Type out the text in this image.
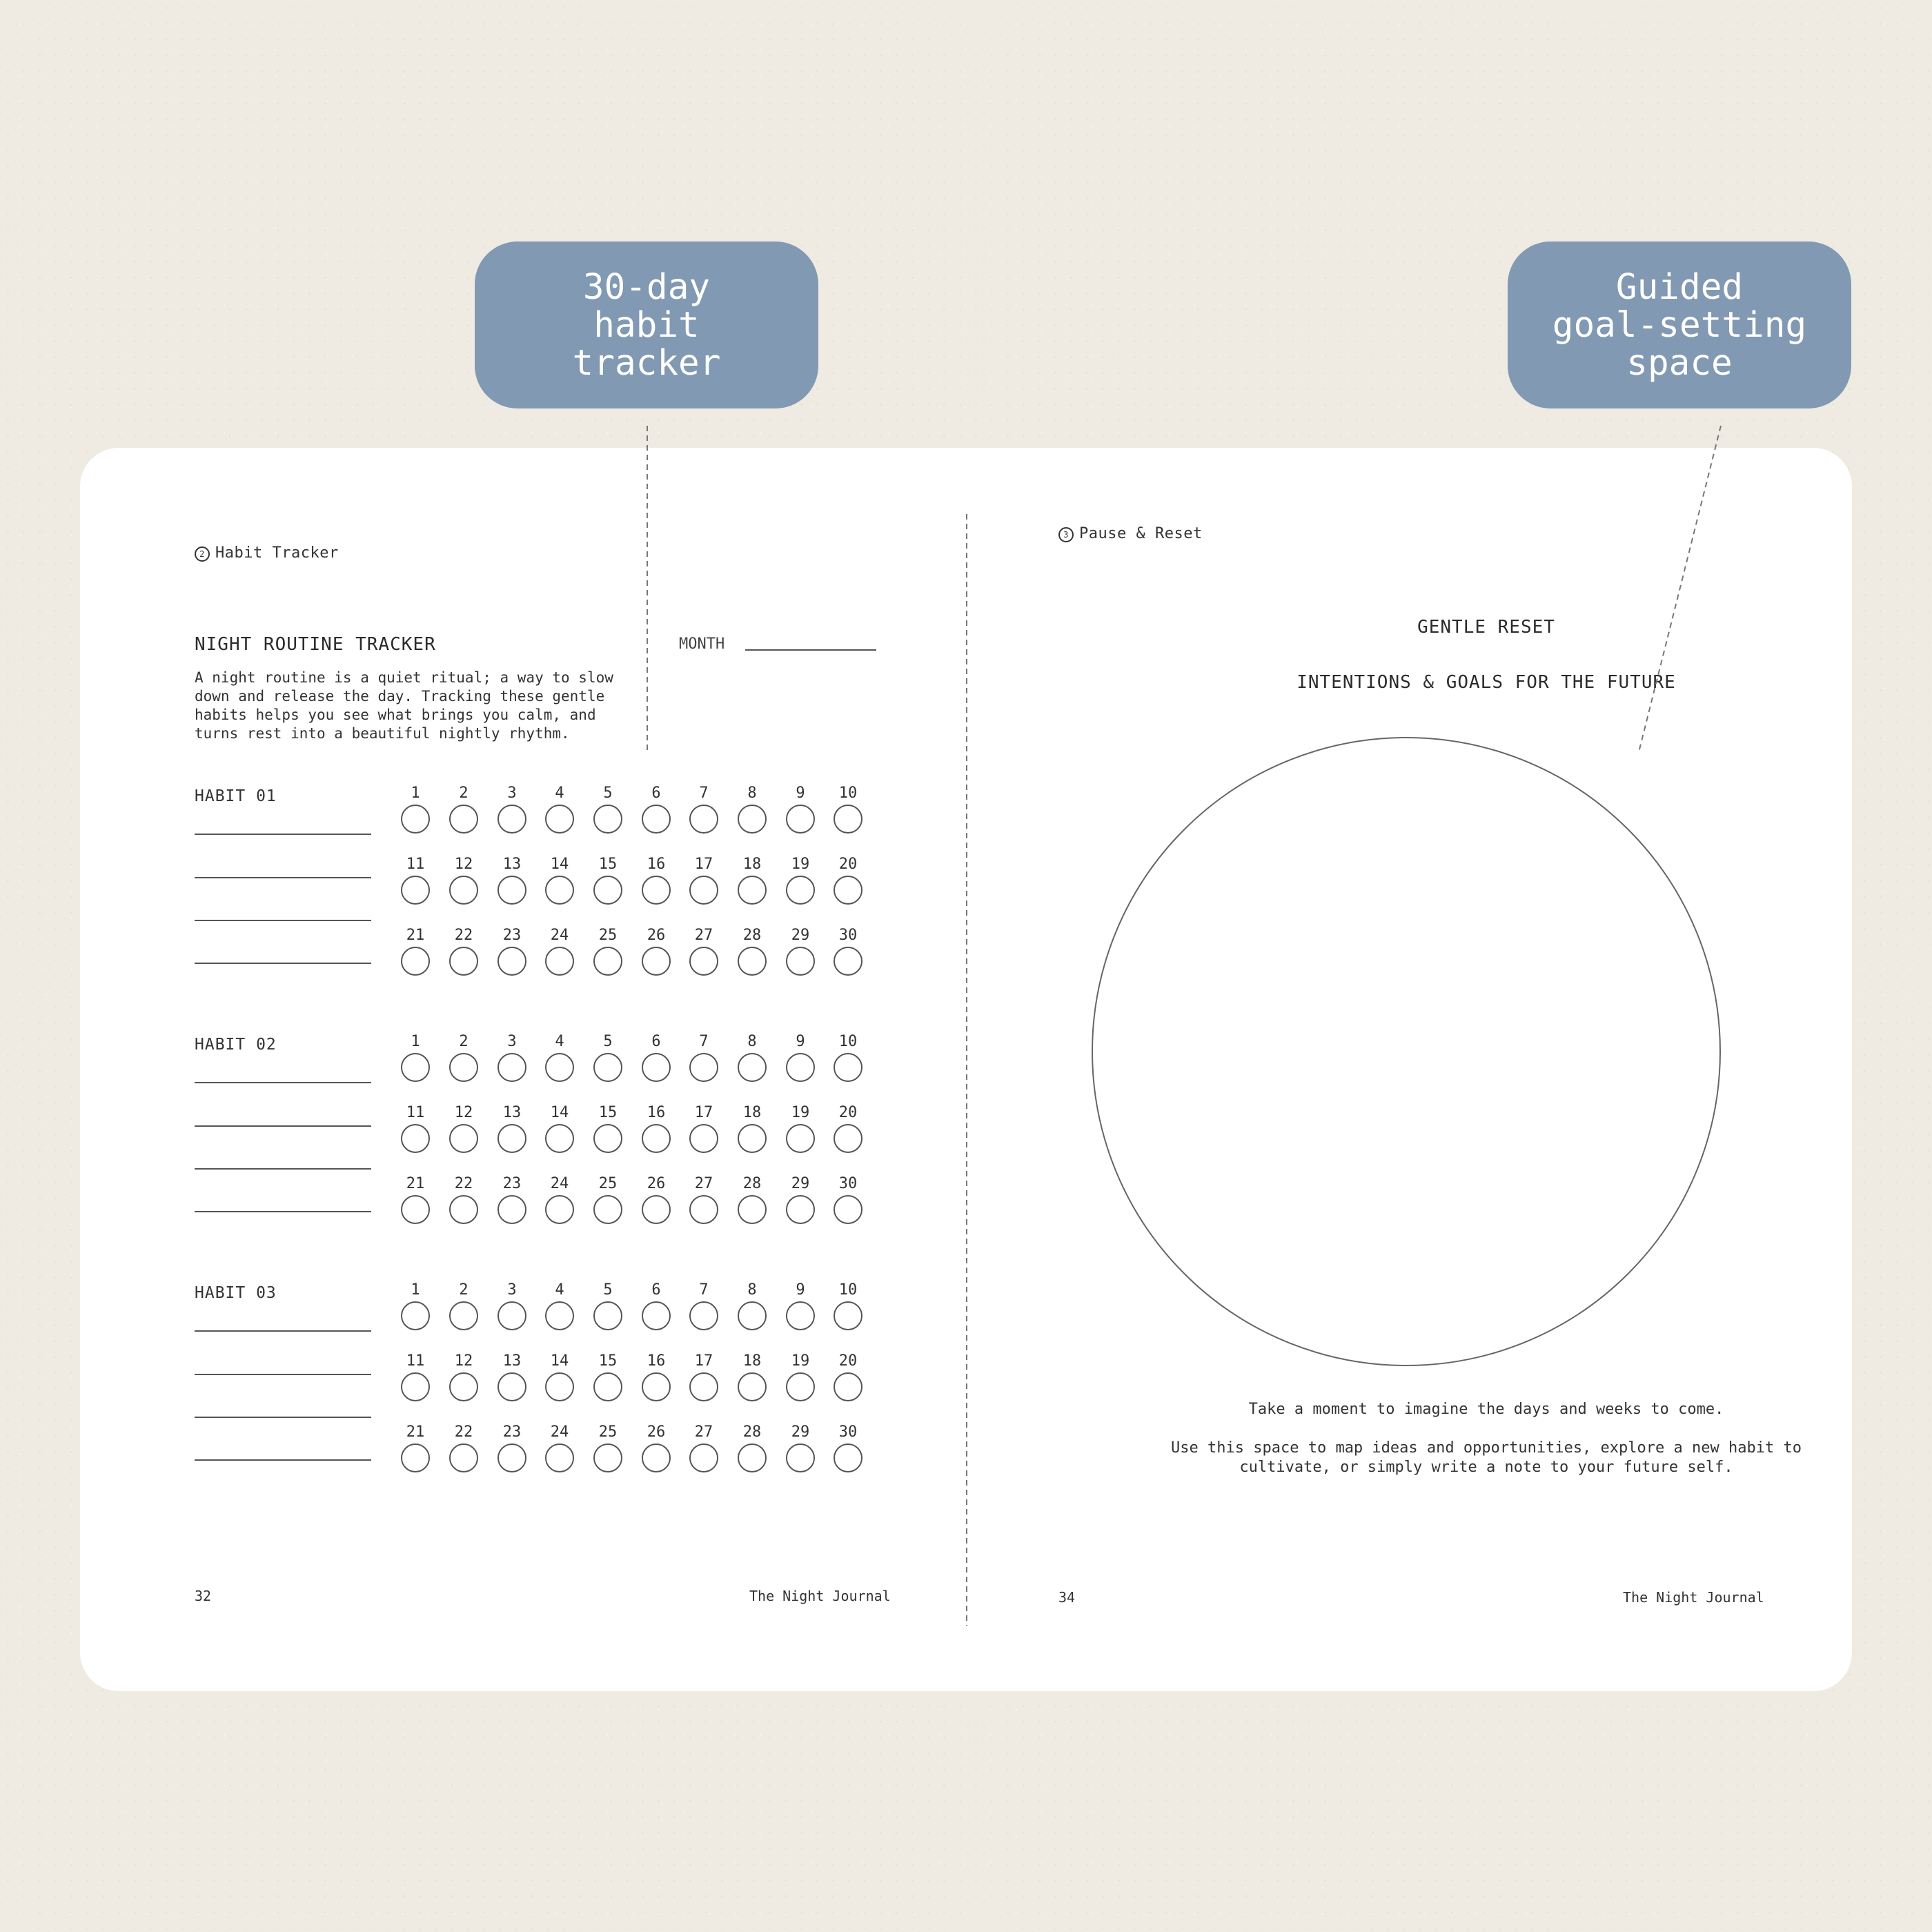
30-day
habit
tracker
Guided
goal-setting
space
2 Habit Tracker
NIGHT ROUTINE TRACKER	MONTH
A night routine is a quiet ritual; a way to slow down and release the day. Tracking these gentle habits helps you see what brings you calm, and turns rest into a beautiful nightly rhythm.
HABIT 01	1	2	3	4	5	6	7	8	9	10
11	12	13	14	15	16	17	18	19	20
21	22	23	24	25	26	27	28	29	30
HABIT 02	1	2	3	4	5	6	7	8	9	10
11	12	13	14	15	16	17	18	19	20
21	22	23	24	25	26	27	28	29	30
HABIT 03	1	2	3	4	5	6	7	8	9	10
11	12	13	14	15	16	17	18	19	20
21	22	23	24	25	26	27	28	29	30
32	The Night Journal
3 Pause & Reset
GENTLE RESET
INTENTIONS & GOALS FOR THE FUTURE
Take a moment to imagine the days and weeks to come.
Use this space to map ideas and opportunities, explore a new habit to cultivate, or simply write a note to your future self.
34	The Night Journal
